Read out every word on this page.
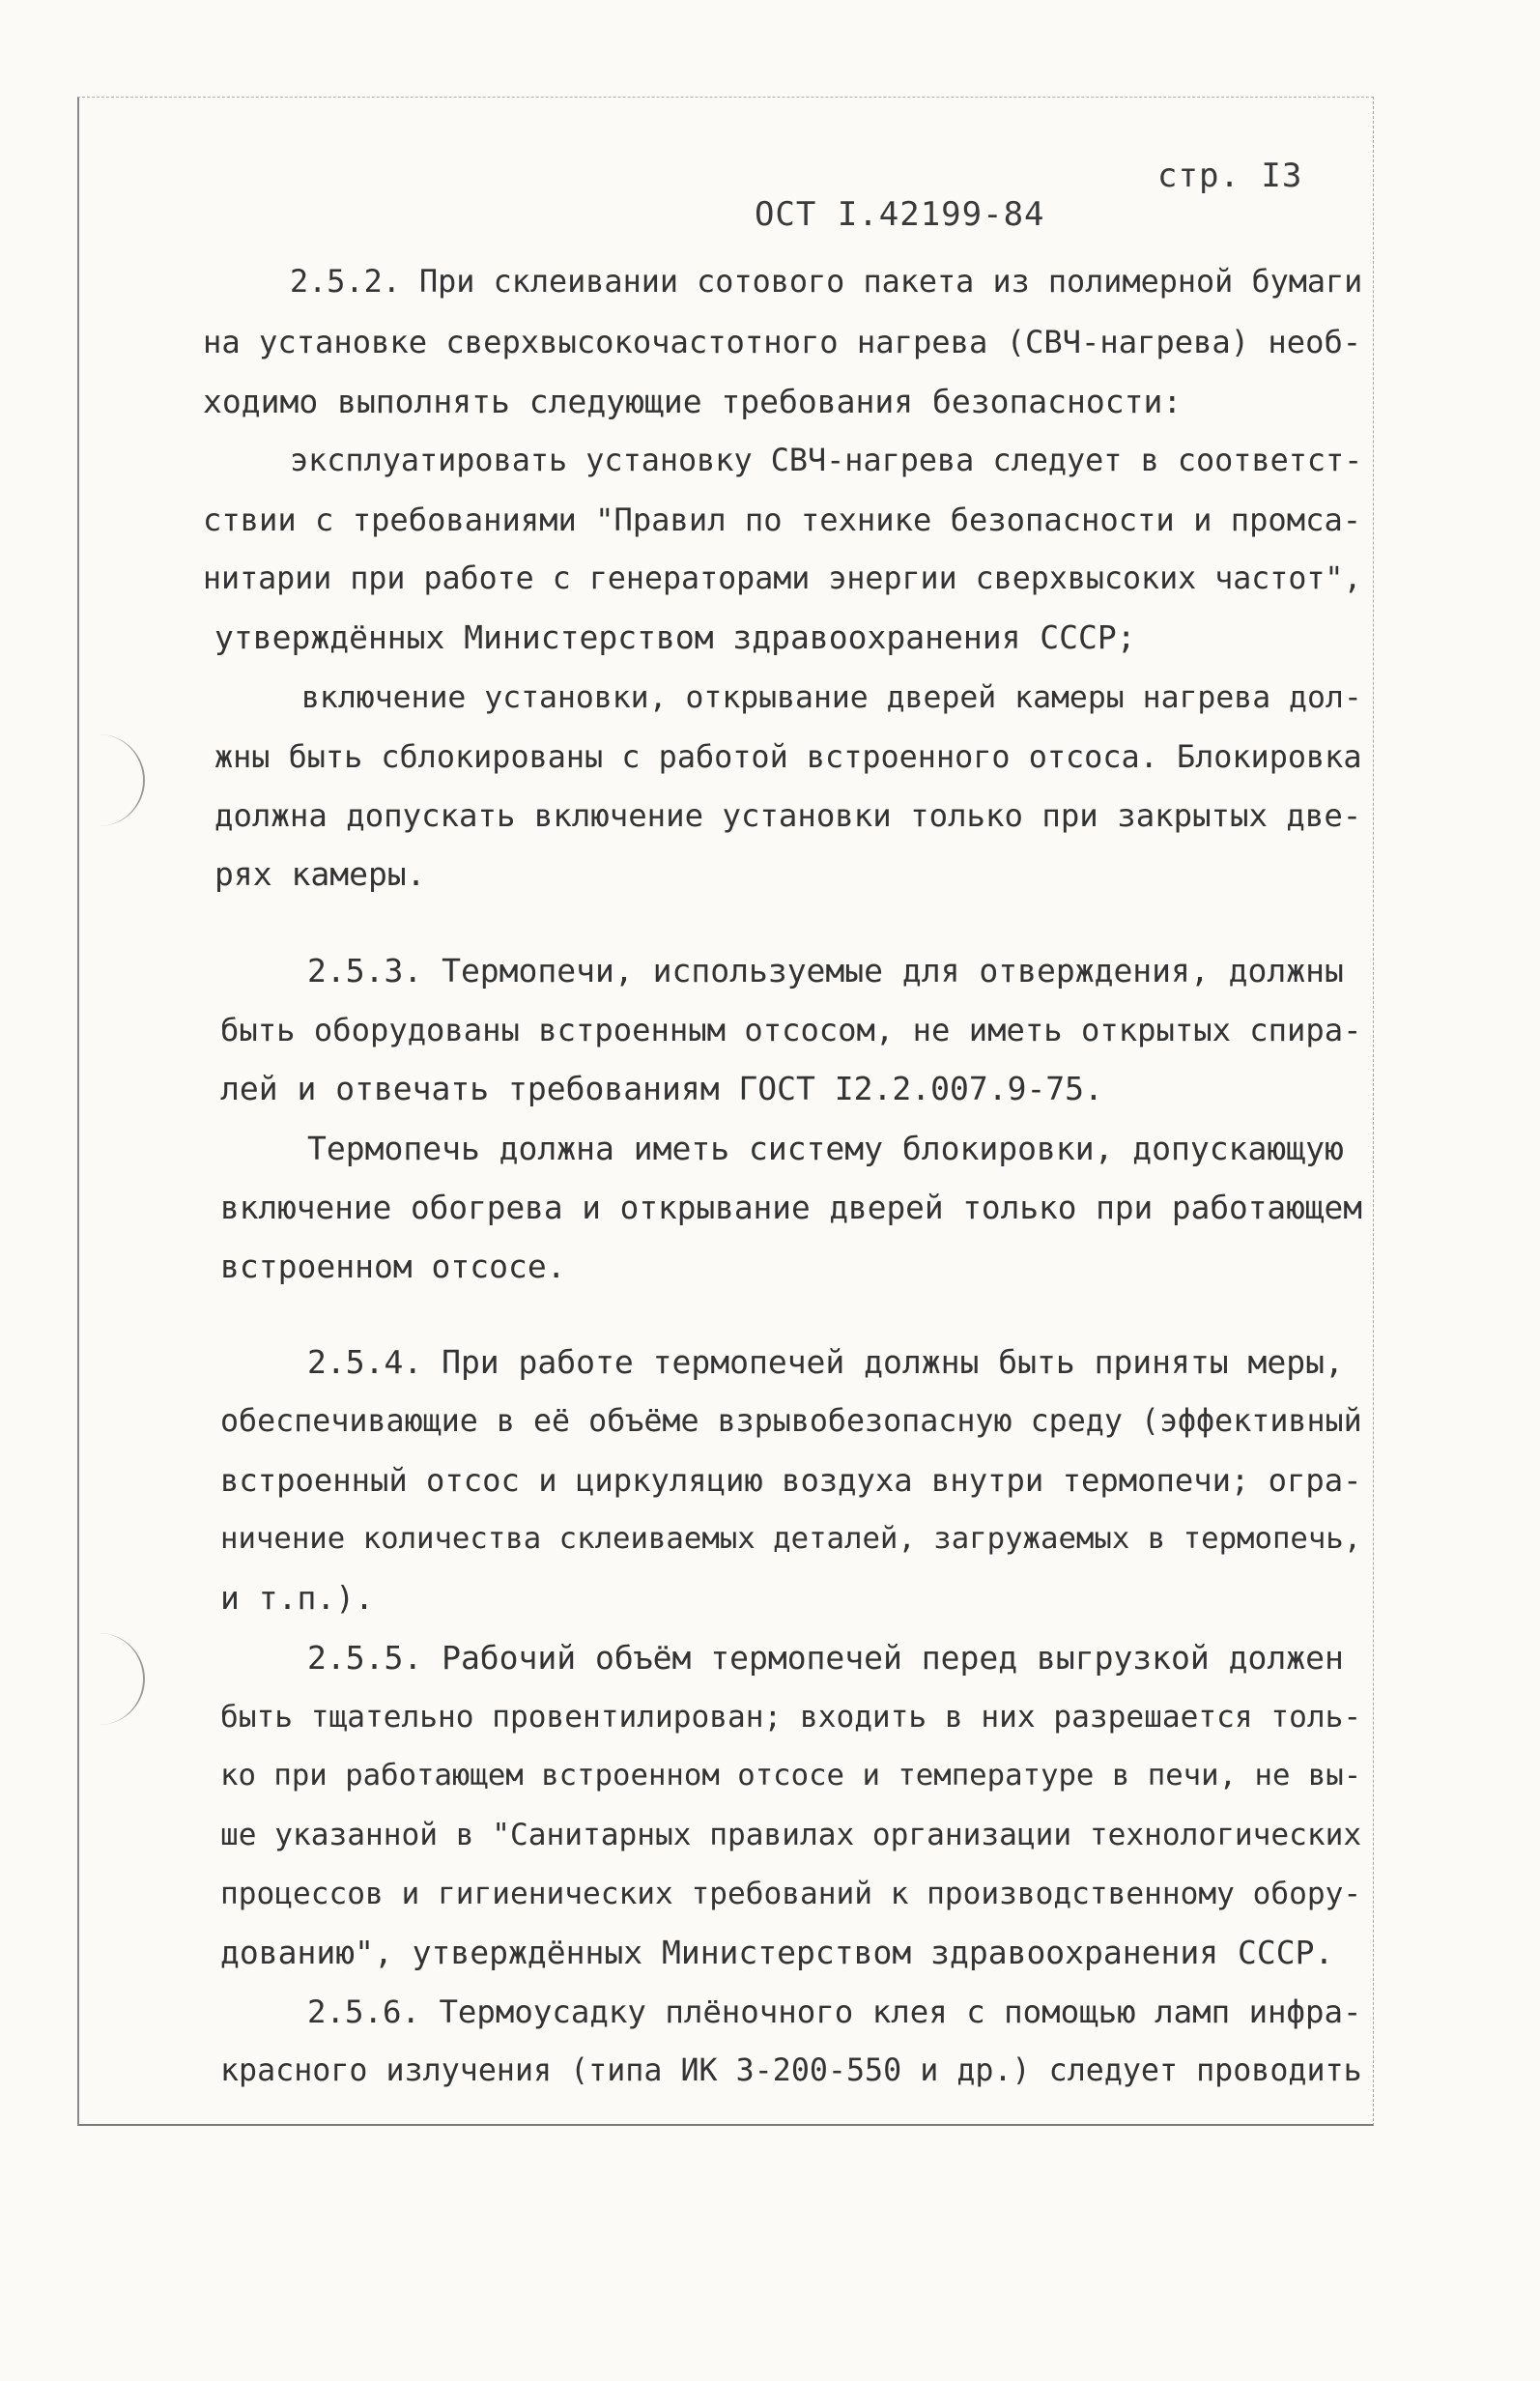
ОСТ I.42199-84

стр. I3

2.5.2. При склеивании сотового пакета из полимерной бумаги
на установке сверхвысокочастотного нагрева (СВЧ-нагрева) необ-
ходимо выполнять следующие требования безопасности:
эксплуатировать установку СВЧ-нагрева следует в соответст-
ствии с требованиями "Правил по технике безопасности и промса-
нитарии при работе с генераторами энергии сверхвысоких частот",
утверждённых Министерством здравоохранения СССР;
включение установки, открывание дверей камеры нагрева дол-
жны быть сблокированы с работой встроенного отсоса. Блокировка
должна допускать включение установки только при закрытых две-
рях камеры.
2.5.3. Термопечи, используемые для отверждения, должны
быть оборудованы встроенным отсосом, не иметь открытых спира-
лей и отвечать требованиям ГОСТ I2.2.007.9-75.
Термопечь должна иметь систему блокировки, допускающую
включение обогрева и открывание дверей только при работающем
встроенном отсосе.
2.5.4. При работе термопечей должны быть приняты меры,
обеспечивающие в её объёме взрывобезопасную среду (эффективный
встроенный отсос и циркуляцию воздуха внутри термопечи; огра-
ничение количества склеиваемых деталей, загружаемых в термопечь,
и т.п.).
2.5.5. Рабочий объём термопечей перед выгрузкой должен
быть тщательно провентилирован; входить в них разрешается толь-
ко при работающем встроенном отсосе и температуре в печи, не вы-
ше указанной в "Санитарных правилах организации технологических
процессов и гигиенических требований к производственному обору-
дованию", утверждённых Министерством здравоохранения СССР.
2.5.6. Термоусадку плёночного клея с помощью ламп инфра-
красного излучения (типа ИК 3-200-550 и др.) следует проводить
